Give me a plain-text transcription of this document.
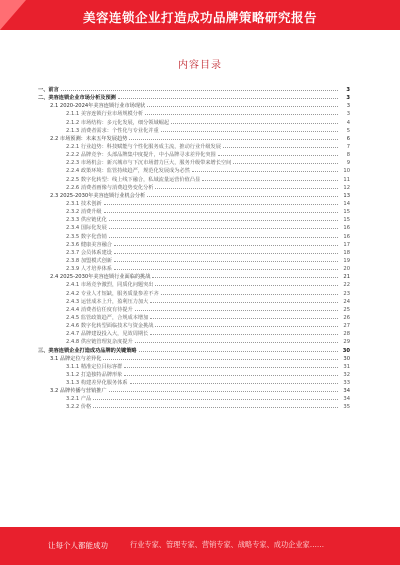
美容连锁企业打造成功品牌策略研究报告
内容目录
一、前言	3
二、美容连锁企业市场分析及预测	3
2.1 2020-2024年美容连锁行业市场现状	3
2.1.1 美容连锁行业市场规模分析	3
2.1.2 市场结构：多元化发展，细分领域崛起	4
2.1.3 消费者需求：个性化与专业化并重	5
2.2 市场预测：未来五年发展趋势	6
2.2.1 行业趋势：科技赋能与个性化服务成主流，推动行业升级发展	7
2.2.2 品牌竞争：头部品牌集中度提升，中小品牌寻求差异化突围	8
2.2.3 市场机会：新兴城市与下沉市场潜力巨大，服务升级带来增长空间	9
2.2.4 政策环境：监管持续趋严，规范化发展成为必然	10
2.2.5 数字化转型：线上线下融合，私域流量运营价值凸显	11
2.2.6 消费者画像与消费趋势变化分析	12
2.3 2025-2030年美容连锁行业机会分析	13
2.3.1 技术创新	14
2.3.2 消费升级	15
2.3.3 供应链优化	15
2.3.4 国际化发展	16
2.3.5 数字化营销	16
2.3.6 健康美容融合	17
2.3.7 会员体系建设	18
2.3.8 加盟模式创新	19
2.3.9 人才培养体系	20
2.4 2025-2030年美容连锁行业面临的挑战	21
2.4.1 市场竞争激烈，同质化问题突出	22
2.4.2 专业人才短缺，服务质量参差不齐	23
2.4.3 运营成本上升，盈利压力加大	24
2.4.4 消费者信任度有待提升	25
2.4.5 监管政策趋严，合规成本增加	26
2.4.6 数字化转型面临技术与资金挑战	27
2.4.7 品牌建设投入大，见效周期长	28
2.4.8 供应链管理复杂度提升	29
三、美容连锁企业打造成功品牌的关键策略	30
3.1 品牌定位与差异化	30
3.1.1 精准定位目标客群	31
3.1.2 打造独特品牌形象	32
3.1.3 构建差异化服务体系	33
3.2 品牌传播与营销推广	34
3.2.1 产品	34
3.2.2 价格	35
让每个人都能成功	行业专家、管理专家、营销专家、战略专家、成功企业家……
